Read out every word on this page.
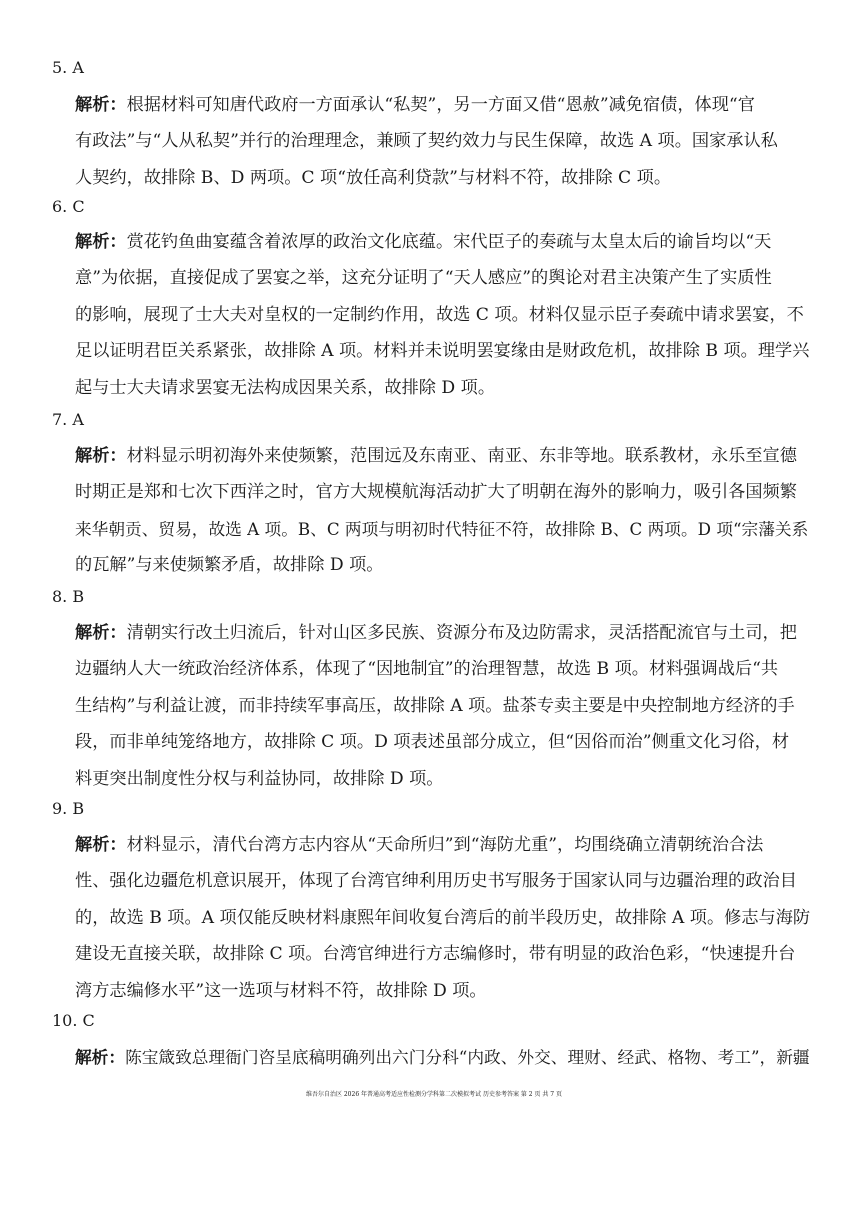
5. A
解析：根据材料可知唐代政府一方面承认“私契”，另一方面又借“恩赦”减免宿债，体现“官
有政法”与“人从私契”并行的治理理念，兼顾了契约效力与民生保障，故选 A 项。国家承认私
人契约，故排除 B、D 两项。C 项“放任高利贷款”与材料不符，故排除 C 项。
6. C
解析：赏花钓鱼曲宴蕴含着浓厚的政治文化底蕴。宋代臣子的奏疏与太皇太后的谕旨均以“天
意”为依据，直接促成了罢宴之举，这充分证明了“天人感应”的舆论对君主决策产生了实质性
的影响，展现了士大夫对皇权的一定制约作用，故选 C 项。材料仅显示臣子奏疏中请求罢宴，不
足以证明君臣关系紧张，故排除 A 项。材料并未说明罢宴缘由是财政危机，故排除 B 项。理学兴
起与士大夫请求罢宴无法构成因果关系，故排除 D 项。
7. A
解析：材料显示明初海外来使频繁，范围远及东南亚、南亚、东非等地。联系教材，永乐至宣德
时期正是郑和七次下西洋之时，官方大规模航海活动扩大了明朝在海外的影响力，吸引各国频繁
来华朝贡、贸易，故选 A 项。B、C 两项与明初时代特征不符，故排除 B、C 两项。D 项“宗藩关系
的瓦解”与来使频繁矛盾，故排除 D 项。
8. B
解析：清朝实行改土归流后，针对山区多民族、资源分布及边防需求，灵活搭配流官与土司，把
边疆纳人大一统政治经济体系，体现了“因地制宜”的治理智慧，故选 B 项。材料强调战后“共
生结构”与利益让渡，而非持续军事高压，故排除 A 项。盐茶专卖主要是中央控制地方经济的手
段，而非单纯笼络地方，故排除 C 项。D 项表述虽部分成立，但“因俗而治”侧重文化习俗，材
料更突出制度性分权与利益协同，故排除 D 项。
9. B
解析：材料显示，清代台湾方志内容从“天命所归”到“海防尤重”，均围绕确立清朝统治合法
性、强化边疆危机意识展开，体现了台湾官绅利用历史书写服务于国家认同与边疆治理的政治目
的，故选 B 项。A 项仅能反映材料康熙年间收复台湾后的前半段历史，故排除 A 项。修志与海防
建设无直接关联，故排除 C 项。台湾官绅进行方志编修时，带有明显的政治色彩，“快速提升台
湾方志编修水平”这一选项与材料不符，故排除 D 项。
10. C
解析：陈宝箴致总理衙门咨呈底稿明确列出六门分科“内政、外交、理财、经武、格物、考工”，新疆
维吾尔自治区 2026 年普通高考适应性检测分学科第二次模拟考试 历史参考答案 第 2 页 共 7 页
